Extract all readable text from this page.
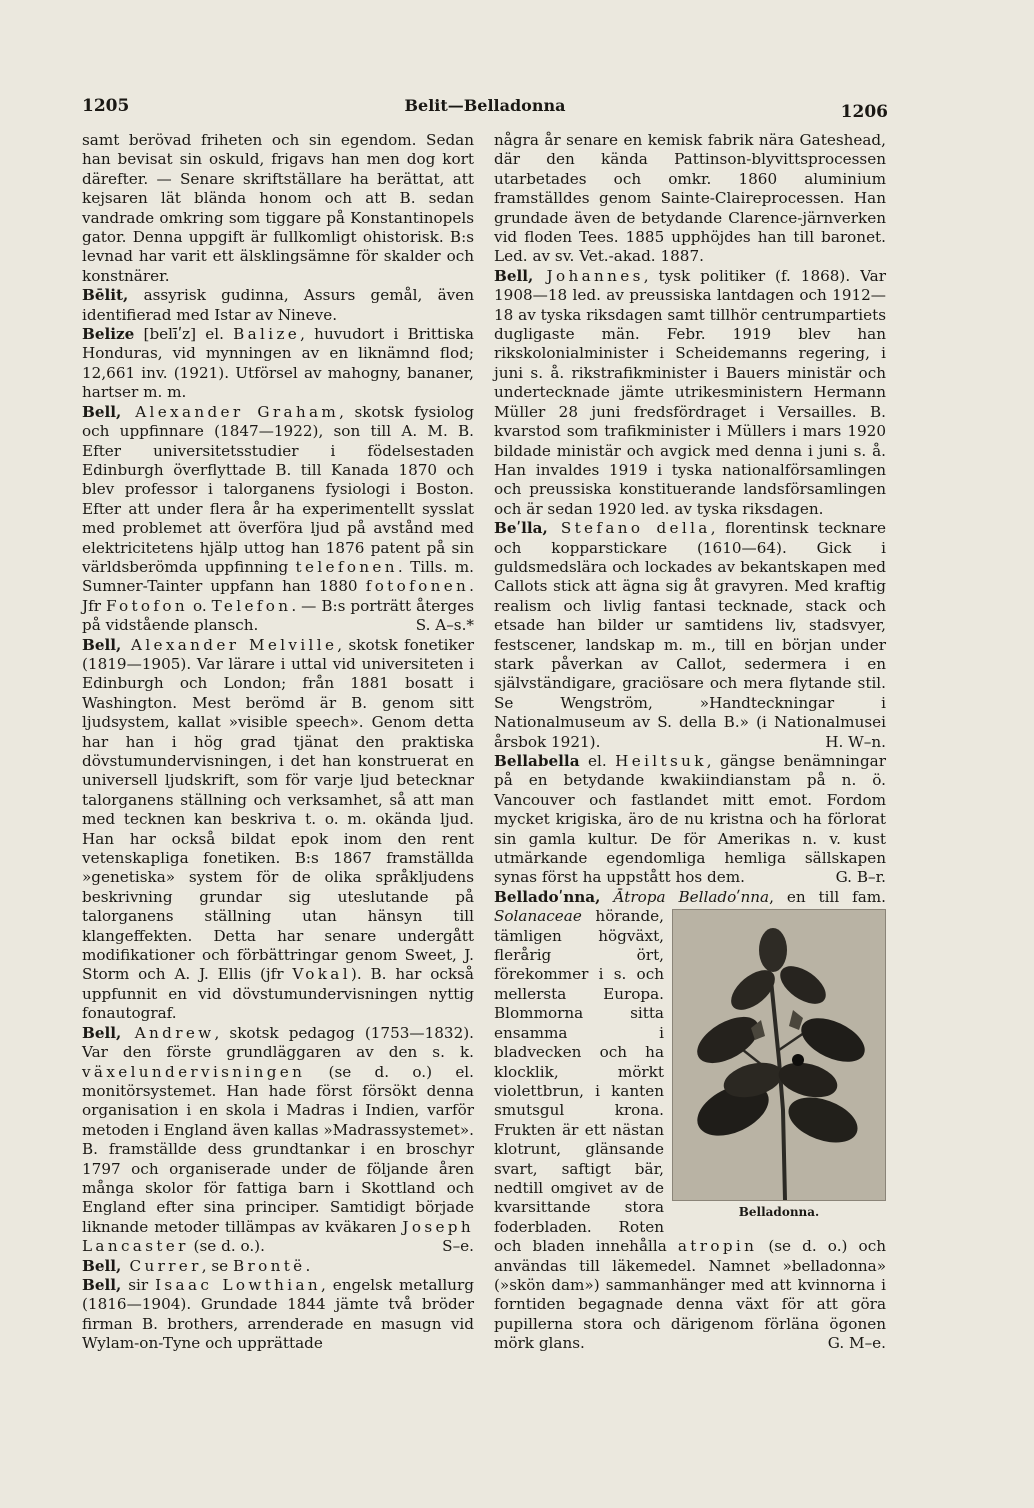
1205	Belit—Belladonna	1206

samt berövad friheten och sin egendom. Sedan han bevisat sin oskuld, frigavs han men dog kort därefter. — Senare skriftställare ha berättat, att kejsaren lät blända honom och att B. sedan vandrade omkring som tiggare på Konstantinopels gator. Denna uppgift är fullkomligt ohistorisk. B:s levnad har varit ett älsklingsämne för skalder och konstnärer.

Bēlit, assyrisk gudinna, Assurs gemål, även identifierad med Istar av Nineve.

Belize [belīʹz] el. Balize, huvudort i Brittiska Honduras, vid mynningen av en liknämnd flod; 12,661 inv. (1921). Utförsel av mahogny, bananer, hartser m. m.

Bell, Alexander Graham, skotsk fysiolog och uppfinnare (1847—1922), son till A. M. B. Efter universitetsstudier i födelsestaden Edinburgh överflyttade B. till Kanada 1870 och blev professor i talorganens fysiologi i Boston. Efter att under flera år ha experimentellt sysslat med problemet att överföra ljud på avstånd med elektricitetens hjälp uttog han 1876 patent på sin världsberömda uppfinning telefonen. Tills. m. Sumner-Tainter uppfann han 1880 fotofonen. Jfr Fotofon o. Telefon. — B:s porträtt återges på vidstående plansch.	S. A–s.*

Bell, Alexander Melville, skotsk fonetiker (1819—1905). Var lärare i uttal vid universiteten i Edinburgh och London; från 1881 bosatt i Washington. Mest berömd är B. genom sitt ljudsystem, kallat »visible speech». Genom detta har han i hög grad tjänat den praktiska dövstumundervisningen, i det han konstruerat en universell ljudskrift, som för varje ljud betecknar talorganens ställning och verksamhet, så att man med tecknen kan beskriva t. o. m. okända ljud. Han har också bildat epok inom den rent vetenskapliga fonetiken. B:s 1867 framställda »genetiska» system för de olika språkljudens beskrivning grundar sig uteslutande på talorganens ställning utan hänsyn till klangeffekten. Detta har senare undergått modifikationer och förbättringar genom Sweet, J. Storm och A. J. Ellis (jfr Vokal). B. har också uppfunnit en vid dövstumundervisningen nyttig fonautograf.

Bell, Andrew, skotsk pedagog (1753—1832). Var den förste grundläggaren av den s. k. växelundervisningen (se d. o.) el. monitörsystemet. Han hade först försökt denna organisation i en skola i Madras i Indien, varför metoden i England även kallas »Madrassystemet». B. framställde dess grundtankar i en broschyr 1797 och organiserade under de följande åren många skolor för fattiga barn i Skottland och England efter sina principer. Samtidigt började liknande metoder tillämpas av kväkaren Joseph Lancaster (se d. o.).	S–e.

Bell, Currer, se Brontë.

Bell, sir Isaac Lowthian, engelsk metallurg (1816—1904). Grundade 1844 jämte två bröder firman B. brothers, arrenderade en masugn vid Wylam-on-Tyne och upprättade

några år senare en kemisk fabrik nära Gateshead, där den kända Pattinson-blyvittsprocessen utarbetades och omkr. 1860 aluminium framställdes genom Sainte-Claireprocessen. Han grundade även de betydande Clarence-järnverken vid floden Tees. 1885 upphöjdes han till baronet. Led. av sv. Vet.-akad. 1887.

Bell, Johannes, tysk politiker (f. 1868). Var 1908—18 led. av preussiska lantdagen och 1912—18 av tyska riksdagen samt tillhör centrumpartiets dugligaste män. Febr. 1919 blev han rikskolonialminister i Scheidemanns regering, i juni s. å. rikstrafikminister i Bauers ministär och undertecknade jämte utrikesministern Hermann Müller 28 juni fredsfördraget i Versailles. B. kvarstod som trafikminister i Müllers i mars 1920 bildade ministär och avgick med denna i juni s. å. Han invaldes 1919 i tyska nationalförsamlingen och preussiska konstituerande landsförsamlingen och är sedan 1920 led. av tyska riksdagen.

Beʹlla, Stefano della, florentinsk tecknare och kopparstickare (1610—64). Gick i guldsmedslära och lockades av bekantskapen med Callots stick att ägna sig åt gravyren. Med kraftig realism och livlig fantasi tecknade, stack och etsade han bilder ur samtidens liv, stadsvyer, festscener, landskap m. m., till en början under stark påverkan av Callot, sedermera i en självständigare, graciösare och mera flytande stil. Se Wengström, »Handteckningar i Nationalmuseum av S. della B.» (i Nationalmusei årsbok 1921).	H. W–n.

Bellabella el. Heiltsuk, gängse benämningar på en betydande kwakiindianstam på n. ö. Vancouver och fastlandet mitt emot. Fordom mycket krigiska, äro de nu kristna och ha förlorat sin gamla kultur. De för Amerikas n. v. kust utmärkande egendomliga hemliga sällskapen synas först ha uppstått hos dem.	G. B–r.

Belladoʹnna, Ātropa Belladoʹnna, en till fam. Solanaceae
Belladonna.
hörande, tämligen högväxt, flerårig ört, förekommer i s. och mellersta Europa. Blommorna sitta ensamma i bladvecken och ha klocklik, mörkt violettbrun, i kanten smutsgul krona. Frukten är ett nästan klotrunt, glänsande svart, saftigt bär, nedtill omgivet av de kvarsittande stora foderbladen. Roten och bladen innehålla atropin (se d. o.) och användas till läkemedel. Namnet »belladonna» (»skön dam») sammanhänger med att kvinnorna i forntiden begagnade denna växt för att göra pupillerna stora och därigenom förläna ögonen mörk glans.	G. M–e.
